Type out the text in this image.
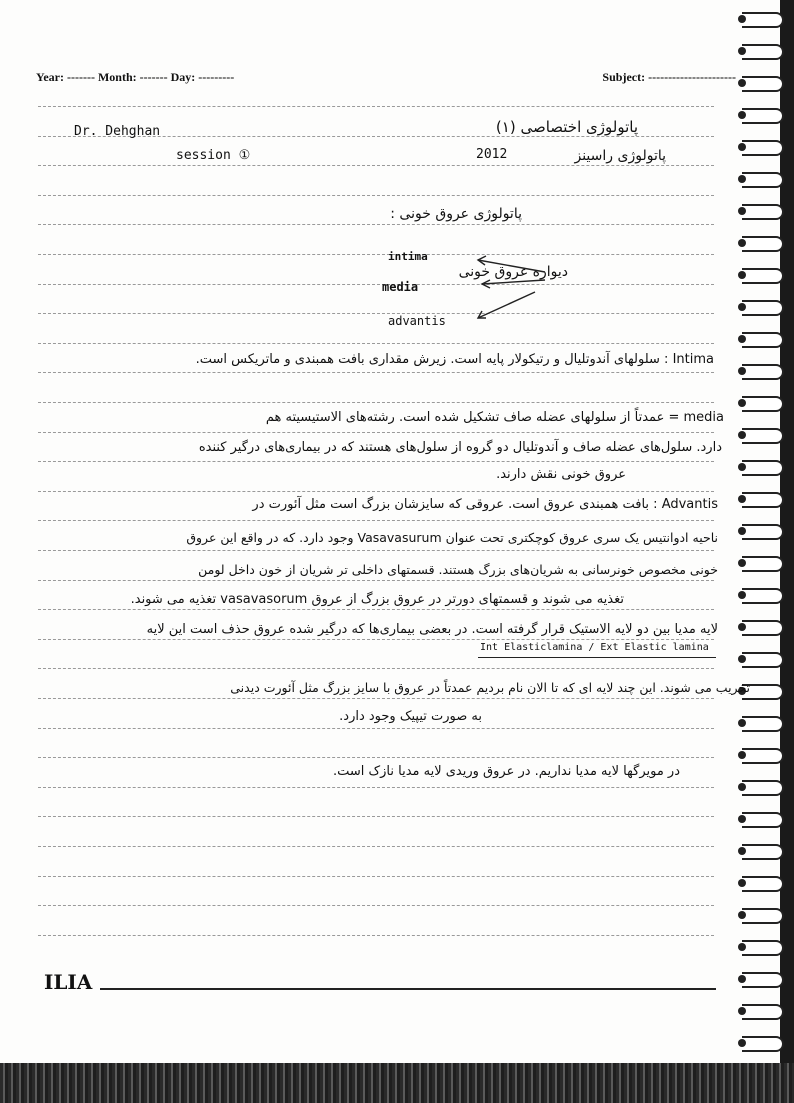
Year: ------- Month: ------- Day: ---------	Subject: ----------------------
Dr. Dehghan	پاتولوژی اختصاصی (۱)
session ①	2012	پاتولوژی راسینز
پاتولوژی عروق خونی :
intima
media
advantis
دیواره عروق خونی
Intima : سلولهای آندوتلیال و رتیکولار پایه است. زیرش مقداری بافت همبندی و ماتریکس است.
media = عمدتاً از سلولهای عضله صاف تشکیل شده است. رشته‌های الاستیسیته هم
دارد. سلول‌های عضله صاف و آندوتلیال دو گروه از سلول‌های هستند که در بیماری‌های درگیر کننده
عروق خونی نقش دارند.
Advantis : بافت همبندی عروق است. عروقی که سایزشان بزرگ است مثل آئورت در
ناحیه ادوانتیس یک سری عروق کوچکتری تحت عنوان Vasavasurum وجود دارد. که در واقع این عروق
خونی مخصوص خونرسانی به شریان‌های بزرگ هستند. قسمتهای داخلی تر شریان از خون داخل لومن
تغذیه می شوند و قسمتهای دورتر در عروق بزرگ از عروق vasavasorum تغذیه می شوند.
لایه مدیا بین دو لایه الاستیک قرار گرفته است. در بعضی بیماری‌ها که درگیر شده عروق حذف است این لایه
Int Elasticlamina / Ext Elastic lamina
تخریب می شوند. این چند لایه ای که تا الان نام بردیم عمدتاً در عروق با سایز بزرگ مثل آئورت دیدنی
به صورت تیپیک وجود دارد.
در مویرگها لایه مدیا نداریم. در عروق وریدی لایه مدیا نازک است.
ILIA
